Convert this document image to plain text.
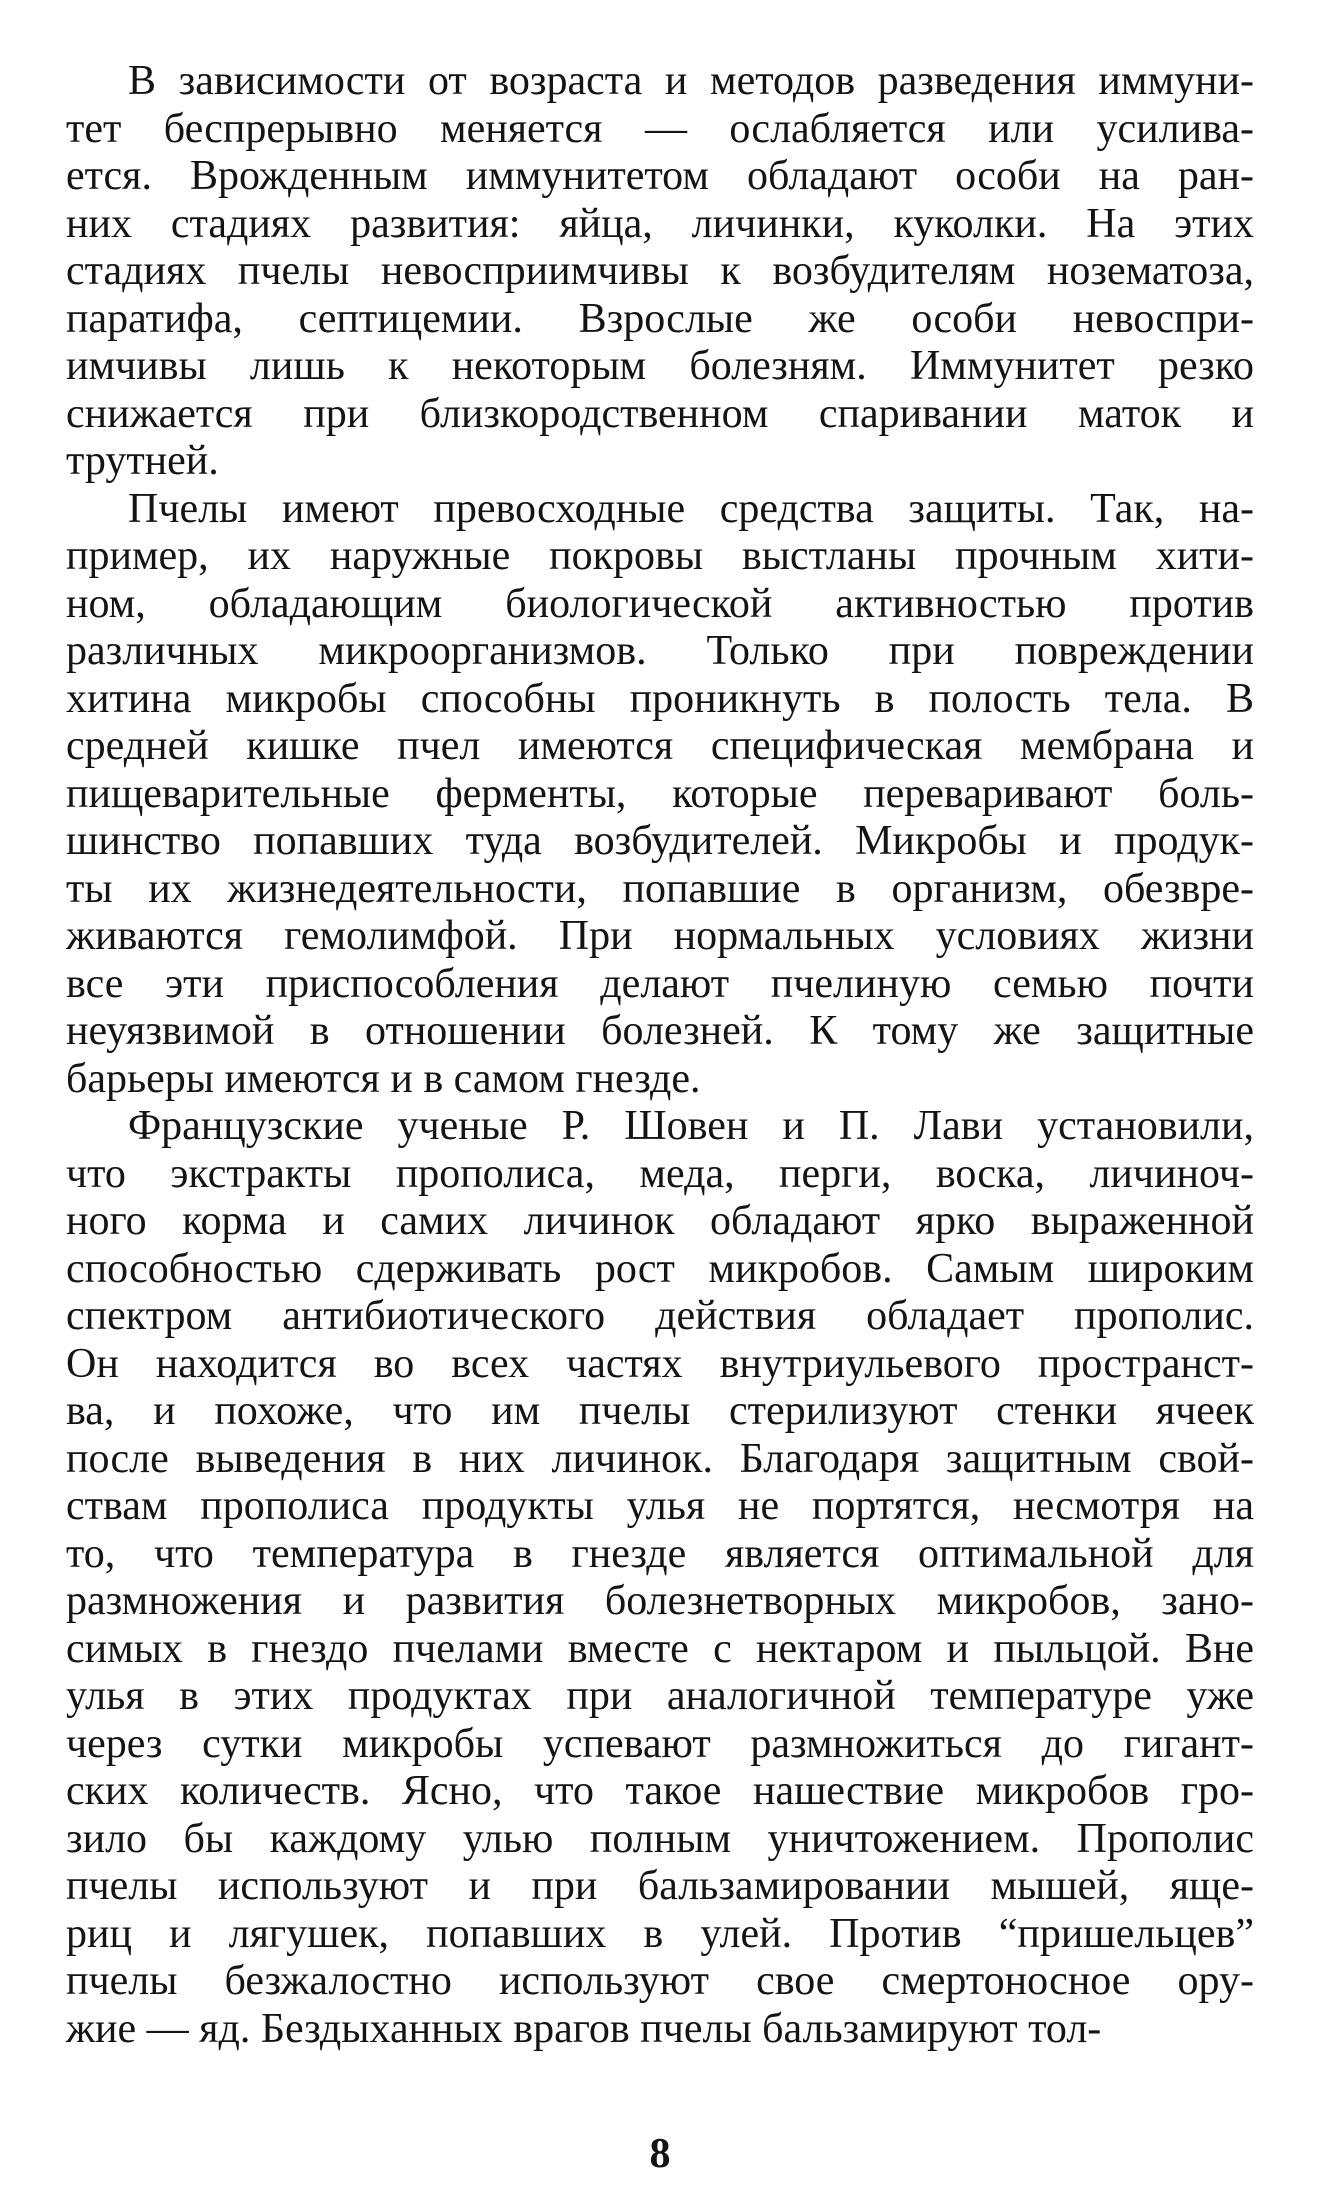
В зависимости от возраста и методов разведения иммуни-
тет беспрерывно меняется — ослабляется или усилива-
ется. Врожденным иммунитетом обладают особи на ран-
них стадиях развития: яйца, личинки, куколки. На этих
стадиях пчелы невосприимчивы к возбудителям нозематоза,
паратифа, септицемии. Взрослые же особи невоспри-
имчивы лишь к некоторым болезням. Иммунитет резко
снижается при близкородственном спаривании маток и
трутней.
Пчелы имеют превосходные средства защиты. Так, на-
пример, их наружные покровы выстланы прочным хити-
ном, обладающим биологической активностью против
различных микроорганизмов. Только при повреждении
хитина микробы способны проникнуть в полость тела. В
средней кишке пчел имеются специфическая мембрана и
пищеварительные ферменты, которые переваривают боль-
шинство попавших туда возбудителей. Микробы и продук-
ты их жизнедеятельности, попавшие в организм, обезвре-
живаются гемолимфой. При нормальных условиях жизни
все эти приспособления делают пчелиную семью почти
неуязвимой в отношении болезней. К тому же защитные
барьеры имеются и в самом гнезде.
Французские ученые Р. Шовен и П. Лави установили,
что экстракты прополиса, меда, перги, воска, личиноч-
ного корма и самих личинок обладают ярко выраженной
способностью сдерживать рост микробов. Самым широким
спектром антибиотического действия обладает прополис.
Он находится во всех частях внутриульевого пространст-
ва, и похоже, что им пчелы стерилизуют стенки ячеек
после выведения в них личинок. Благодаря защитным свой-
ствам прополиса продукты улья не портятся, несмотря на
то, что температура в гнезде является оптимальной для
размножения и развития болезнетворных микробов, зано-
симых в гнездо пчелами вместе с нектаром и пыльцой. Вне
улья в этих продуктах при аналогичной температуре уже
через сутки микробы успевают размножиться до гигант-
ских количеств. Ясно, что такое нашествие микробов гро-
зило бы каждому улью полным уничтожением. Прополис
пчелы используют и при бальзамировании мышей, яще-
риц и лягушек, попавших в улей. Против “пришельцев”
пчелы безжалостно используют свое смертоносное ору-
жие — яд. Бездыханных врагов пчелы бальзамируют тол-
8
